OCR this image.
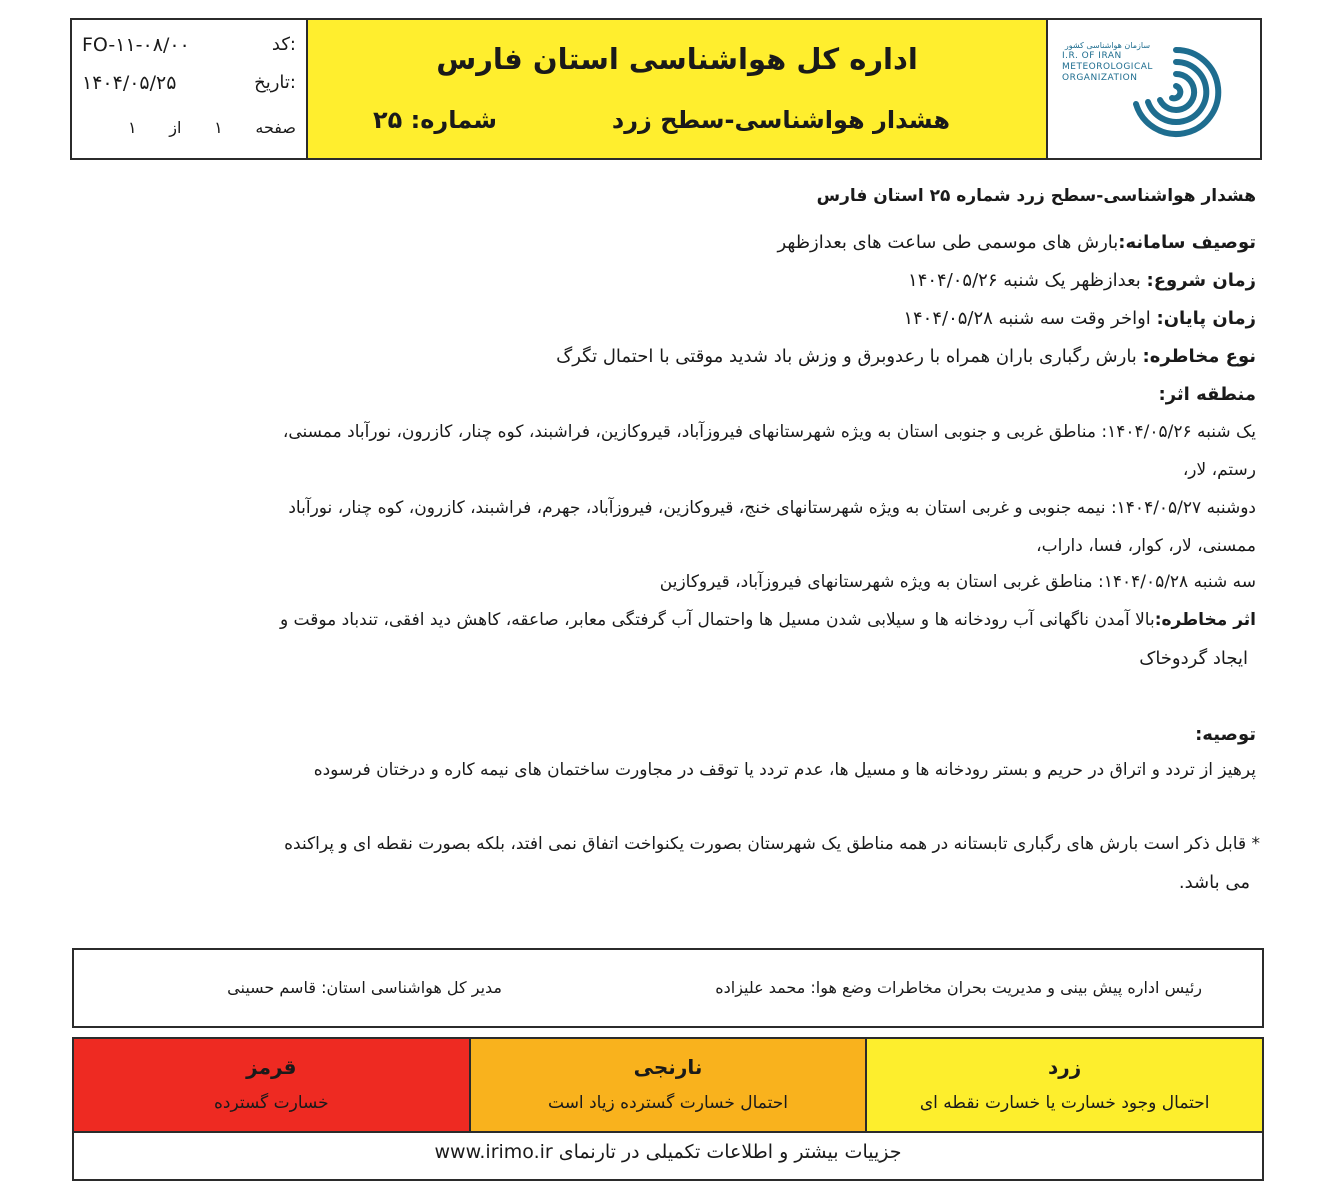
FO-۱۱-۰۸/۰۰	کد:
۱۴۰۴/۰۵/۲۵	تاریخ:
۱ از ۱ صفحه
اداره کل هواشناسی استان فارس
هشدار هواشناسی-سطح زرد
شماره: ۲۵
سازمان هواشناسی کشور
I.R. OF IRAN
METEOROLOGICAL
ORGANIZATION
هشدار هواشناسی-سطح زرد شماره ۲۵ استان فارس
توصیف سامانه:بارش های موسمی طی ساعت های بعدازظهر
زمان شروع: بعدازظهر یک شنبه ۱۴۰۴/۰۵/۲۶
زمان پایان: اواخر وقت سه شنبه ۱۴۰۴/۰۵/۲۸
نوع مخاطره: بارش رگباری باران همراه با رعدوبرق و وزش باد شدید موقتی با احتمال تگرگ
منطقه اثر:
یک شنبه ۱۴۰۴/۰۵/۲۶: مناطق غربی و جنوبی استان به ویژه شهرستانهای فیروزآباد، قیروکازین، فراشبند، کوه چنار، کازرون، نورآباد ممسنی،
رستم، لار،
دوشنبه ۱۴۰۴/۰۵/۲۷: نیمه جنوبی و غربی استان به ویژه شهرستانهای خنج، قیروکازین، فیروزآباد، جهرم، فراشبند، کازرون، کوه چنار، نورآباد
ممسنی، لار، کوار، فسا، داراب،
سه شنبه ۱۴۰۴/۰۵/۲۸: مناطق غربی استان به ویژه شهرستانهای فیروزآباد، قیروکازین
اثر مخاطره:بالا آمدن ناگهانی آب رودخانه ها و سیلابی شدن مسیل ها واحتمال آب گرفتگی معابر، صاعقه، کاهش دید افقی، تندباد موقت و
ایجاد گردوخاک
توصیه:
پرهیز از تردد و اتراق در حریم و بستر رودخانه ها و مسیل ها، عدم تردد یا توقف در مجاورت ساختمان های نیمه کاره و درختان فرسوده
* قابل ذکر است بارش های رگباری تابستانه در همه مناطق یک شهرستان بصورت یکنواخت اتفاق نمی افتد، بلکه بصورت نقطه ای و پراکنده
می باشد.
رئیس اداره پیش بینی و مدیریت بحران مخاطرات وضع هوا: محمد علیزاده
مدیر کل هواشناسی استان: قاسم حسینی
قرمز
خسارت گسترده
نارنجی
احتمال خسارت گسترده زیاد است
زرد
احتمال وجود خسارت یا خسارت نقطه ای
جزییات بیشتر و اطلاعات تکمیلی در تارنمای www.irimo.ir
